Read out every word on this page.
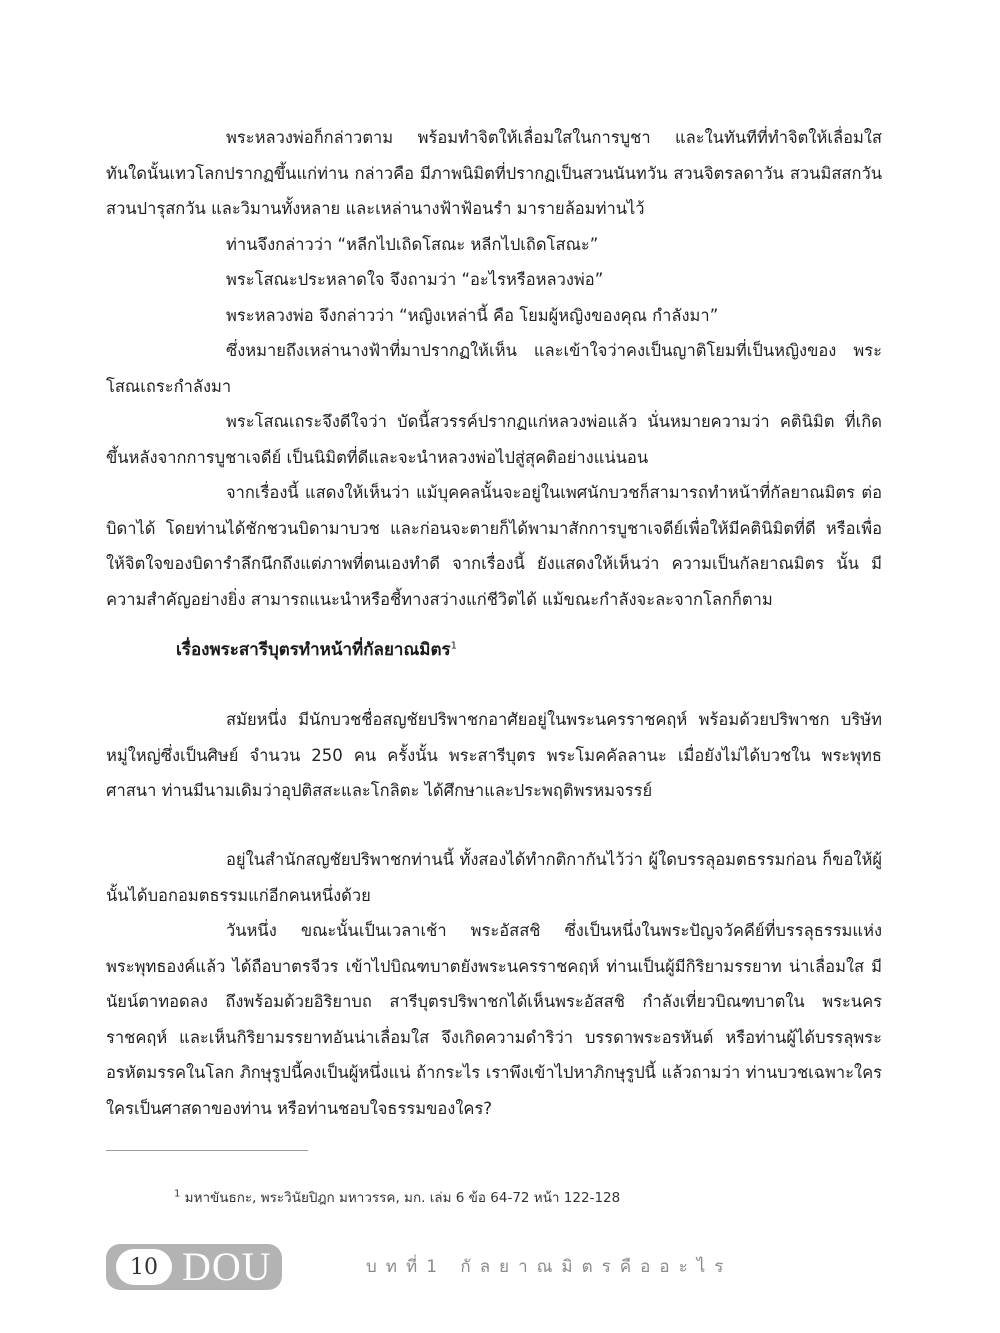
พระหลวงพ่อก็กล่าวตาม พร้อมทำจิตให้เลื่อมใสในการบูชา และในทันทีที่ทำจิตให้เลื่อมใส ทันใดนั้นเทวโลกปรากฏขึ้นแก่ท่าน กล่าวคือ มีภาพนิมิตที่ปรากฏเป็นสวนนันทวัน สวนจิตรลดาวัน สวนมิสสกวัน สวนปารุสกวัน และวิมานทั้งหลาย และเหล่านางฟ้าฟ้อนรำ มารายล้อมท่านไว้

ท่านจึงกล่าวว่า “หลีกไปเถิดโสณะ หลีกไปเถิดโสณะ”

พระโสณะประหลาดใจ จึงถามว่า “อะไรหรือหลวงพ่อ”

พระหลวงพ่อ จึงกล่าวว่า “หญิงเหล่านี้ คือ โยมผู้หญิงของคุณ กำลังมา”

ซึ่งหมายถึงเหล่านางฟ้าที่มาปรากฏให้เห็น และเข้าใจว่าคงเป็นญาติโยมที่เป็นหญิงของ พระโสณเถระกำลังมา

พระโสณเถระจึงดีใจว่า บัดนี้สวรรค์ปรากฏแก่หลวงพ่อแล้ว นั่นหมายความว่า คตินิมิต ที่เกิดขึ้นหลังจากการบูชาเจดีย์ เป็นนิมิตที่ดีและจะนำหลวงพ่อไปสู่สุคติอย่างแน่นอน

จากเรื่องนี้ แสดงให้เห็นว่า แม้บุคคลนั้นจะอยู่ในเพศนักบวชก็สามารถทำหน้าที่กัลยาณมิตร ต่อบิดาได้ โดยท่านได้ชักชวนบิดามาบวช และก่อนจะตายก็ได้พามาสักการบูชาเจดีย์เพื่อให้มีคตินิมิตที่ดี หรือเพื่อให้จิตใจของบิดารำลึกนึกถึงแต่ภาพที่ตนเองทำดี จากเรื่องนี้ ยังแสดงให้เห็นว่า ความเป็นกัลยาณมิตร นั้น มีความสำคัญอย่างยิ่ง สามารถแนะนำหรือชี้ทางสว่างแก่ชีวิตได้ แม้ขณะกำลังจะละจากโลกก็ตาม

เรื่องพระสารีบุตรทำหน้าที่กัลยาณมิตร$^1$

สมัยหนึ่ง มีนักบวชชื่อสญชัยปริพาชกอาศัยอยู่ในพระนครราชคฤห์ พร้อมด้วยปริพาชก บริษัทหมู่ใหญ่ซึ่งเป็นศิษย์ จำนวน 250 คน ครั้งนั้น พระสารีบุตร พระโมคคัลลานะ เมื่อยังไม่ได้บวชใน พระพุทธศาสนา ท่านมีนามเดิมว่าอุปติสสะและโกลิตะ ได้ศึกษาและประพฤติพรหมจรรย์

อยู่ในสำนักสญชัยปริพาชกท่านนี้ ทั้งสองได้ทำกติกากันไว้ว่า ผู้ใดบรรลุอมตธรรมก่อน ก็ขอให้ผู้นั้นได้บอกอมตธรรมแก่อีกคนหนึ่งด้วย

วันหนึ่ง ขณะนั้นเป็นเวลาเช้า พระอัสสชิ ซึ่งเป็นหนึ่งในพระปัญจวัคคีย์ที่บรรลุธรรมแห่ง พระพุทธองค์แล้ว ได้ถือบาตรจีวร เข้าไปบิณฑบาตยังพระนครราชคฤห์ ท่านเป็นผู้มีกิริยามรรยาท น่าเลื่อมใส มีนัยน์ตาทอดลง ถึงพร้อมด้วยอิริยาบถ สารีบุตรปริพาชกได้เห็นพระอัสสชิ กำลังเที่ยวบิณฑบาตใน พระนครราชคฤห์ และเห็นกิริยามรรยาทอันน่าเลื่อมใส จึงเกิดความดำริว่า บรรดาพระอรหันต์ หรือท่านผู้ได้บรรลุพระอรหัตมรรคในโลก ภิกษุรูปนี้คงเป็นผู้หนึ่งแน่ ถ้ากระไร เราพึงเข้าไปหาภิกษุรูปนี้ แล้วถามว่า ท่านบวชเฉพาะใคร ใครเป็นศาสดาของท่าน หรือท่านชอบใจธรรมของใคร?

$^1$ มหาขันธกะ, พระวินัยปิฎก มหาวรรค, มก. เล่ม 6 ข้อ 64-72 หน้า 122-128
10 DOU	บทที่1 กัลยาณมิตรคืออะไร
